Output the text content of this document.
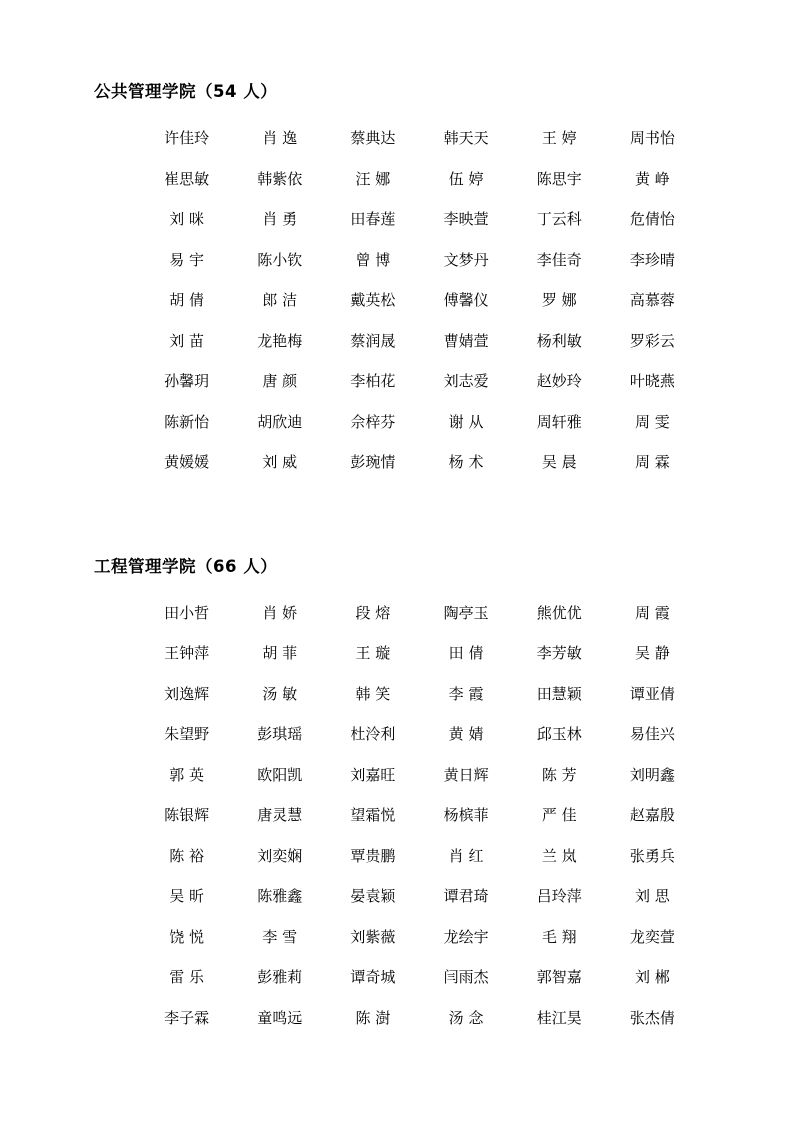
公共管理学院（54 人）
许佳玲	肖 逸	蔡典达	韩天天	王 婷	周书怡
崔思敏	韩紫依	汪 娜	伍 婷	陈思宇	黄 峥
刘 咪	肖 勇	田春莲	李映萱	丁云科	危倩怡
易 宇	陈小钦	曾 博	文梦丹	李佳奇	李珍晴
胡 倩	郎 洁	戴英松	傅馨仪	罗 娜	高慕蓉
刘 苗	龙艳梅	蔡润晟	曹婧萱	杨利敏	罗彩云
孙馨玥	唐 颜	李柏花	刘志爱	赵妙玲	叶晓燕
陈新怡	胡欣迪	佘梓芬	谢 从	周轩雅	周 雯
黄媛媛	刘 威	彭琬情	杨 术	吴 晨	周 霖
工程管理学院（66 人）
田小哲	肖 娇	段 熔	陶亭玉	熊优优	周 霞
王钟萍	胡 菲	王 璇	田 倩	李芳敏	吴 静
刘逸辉	汤 敏	韩 笑	李 霞	田慧颖	谭亚倩
朱望野	彭琪瑶	杜泠利	黄 婧	邱玉林	易佳兴
郭 英	欧阳凯	刘嘉旺	黄日辉	陈 芳	刘明鑫
陈银辉	唐灵慧	望霜悦	杨槟菲	严 佳	赵嘉殷
陈 裕	刘奕娴	覃贵鹏	肖 红	兰 岚	张勇兵
吴 昕	陈雅鑫	晏袁颖	谭君琦	吕玲萍	刘 思
饶 悦	李 雪	刘紫薇	龙绘宇	毛 翔	龙奕萱
雷 乐	彭雅莉	谭奇城	闫雨杰	郭智嘉	刘 郴
李子霖	童鸣远	陈 澍	汤 念	桂江昊	张杰倩
